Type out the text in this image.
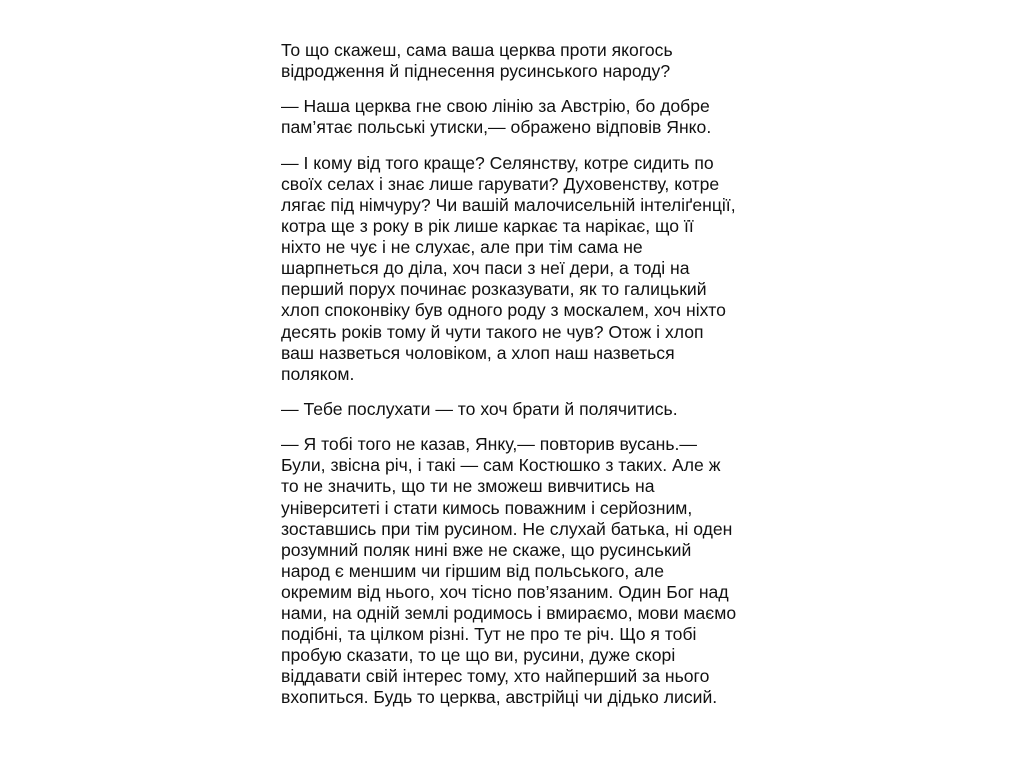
То що скажеш, сама ваша церква проти якогось
відродження й піднесення русинського народу?

— Наша церква гне свою лінію за Австрію, бо добре
пам’ятає польські утиски,— ображено відповів Янко.

— І кому від того краще? Селянству, котре сидить по
своїх селах і знає лише гарувати? Духовенству, котре
лягає під німчуру? Чи вашій малочисельній інтеліґенції,
котра ще з року в рік лише каркає та нарікає, що її
ніхто не чує і не слухає, але при тім сама не
шарпнеться до діла, хоч паси з неї дери, а тоді на
перший порух починає розказувати, як то галицький
хлоп споконвіку був одного роду з москалем, хоч ніхто
десять років тому й чути такого не чув? Отож і хлоп
ваш назветься чоловіком, а хлоп наш назветься
поляком.

— Тебе послухати — то хоч брати й полячитись.

— Я тобі того не казав, Янку,— повторив вусань.—
Були, звісна річ, і такі — сам Костюшко з таких. Але ж
то не значить, що ти не зможеш вивчитись на
університеті і стати кимось поважним і серйозним,
зоставшись при тім русином. Не слухай батька, ні оден
розумний поляк нині вже не скаже, що русинський
народ є меншим чи гіршим від польського, але
окремим від нього, хоч тісно пов’язаним. Один Бог над
нами, на одній землі родимось і вмираємо, мови маємо
подібні, та цілком різні. Тут не про те річ. Що я тобі
пробую сказати, то це що ви, русини, дуже скорі
віддавати свій інтерес тому, хто найперший за нього
вхопиться. Будь то церква, австрійці чи дідько лисий.
